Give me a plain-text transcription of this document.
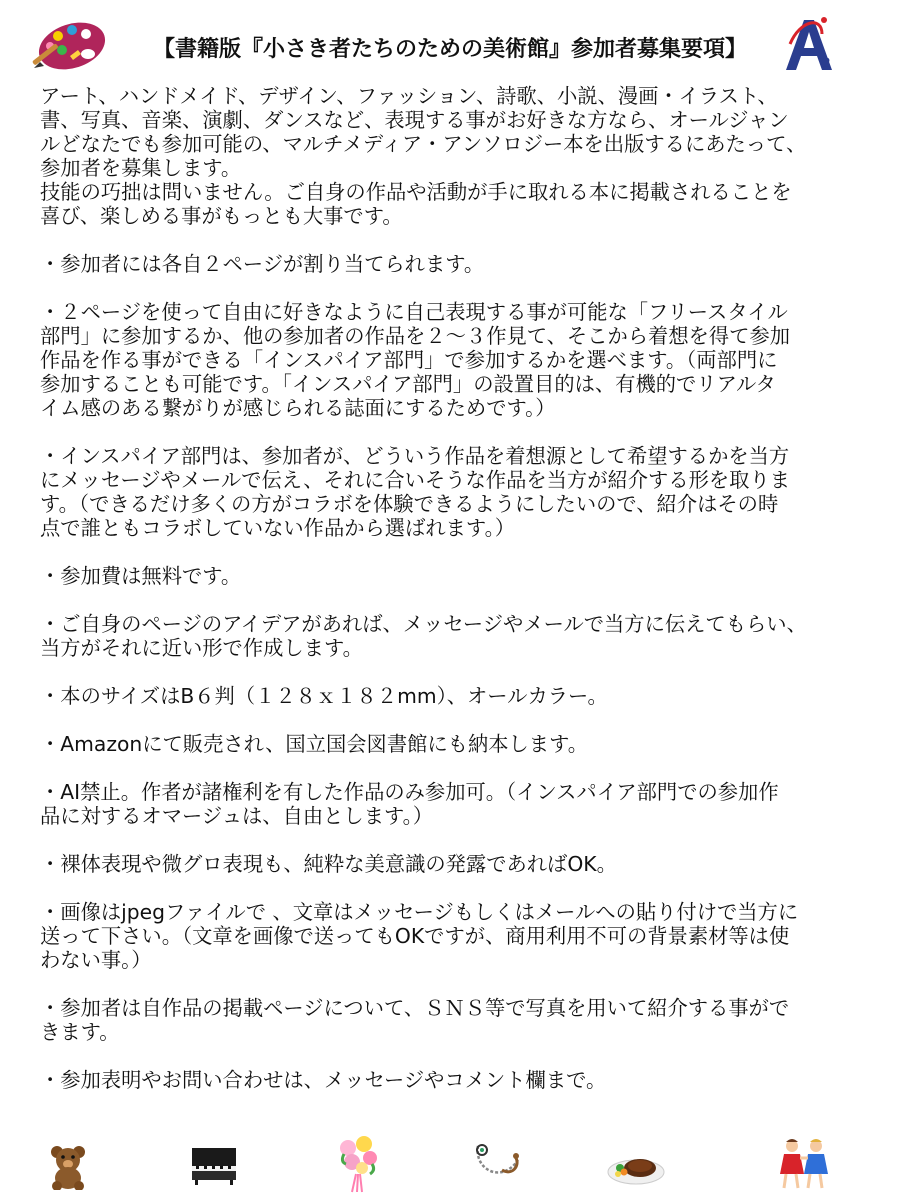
【書籍版『小さき者たちのための美術館』参加者募集要項】
2

アート、ハンドメイド、デザイン、ファッション、詩歌、小説、漫画・イラスト、
書、写真、音楽、演劇、ダンスなど、表現する事がお好きな方なら、オールジャン
ルどなたでも参加可能の、マルチメディア・アンソロジー本を出版するにあたって、
参加者を募集します。
技能の巧拙は問いません。ご自身の作品や活動が手に取れる本に掲載されることを
喜び、楽しめる事がもっとも大事です。

・参加者には各自２ページが割り当てられます。

・２ページを使って自由に好きなように自己表現する事が可能な「フリースタイル
部門」に参加するか、他の参加者の作品を２〜３作見て、そこから着想を得て参加
作品を作る事ができる「インスパイア部門」で参加するかを選べます。（両部門に
参加することも可能です。「インスパイア部門」の設置目的は、有機的でリアルタ
イム感のある繋がりが感じられる誌面にするためです。）

・インスパイア部門は、参加者が、どういう作品を着想源として希望するかを当方
にメッセージやメールで伝え、それに合いそうな作品を当方が紹介する形を取りま
す。（できるだけ多くの方がコラボを体験できるようにしたいので、紹介はその時
点で誰ともコラボしていない作品から選ばれます。）

・参加費は無料です。

・ご自身のページのアイデアがあれば、メッセージやメールで当方に伝えてもらい、
当方がそれに近い形で作成します。

・本のサイズはB６判（１２８ｘ１８２mm）、オールカラー。

・Amazonにて販売され、国立国会図書館にも納本します。

・AI禁止。作者が諸権利を有した作品のみ参加可。（インスパイア部門での参加作
品に対するオマージュは、自由とします。）

・裸体表現や微グロ表現も、純粋な美意識の発露であればOK。

・画像はjpegファイルで 、文章はメッセージもしくはメールへの貼り付けで当方に
送って下さい。（文章を画像で送ってもOKですが、商用利用不可の背景素材等は使
わない事。）

・参加者は自作品の掲載ページについて、ＳＮＳ等で写真を用いて紹介する事がで
きます。

・参加表明やお問い合わせは、メッセージやコメント欄まで。
